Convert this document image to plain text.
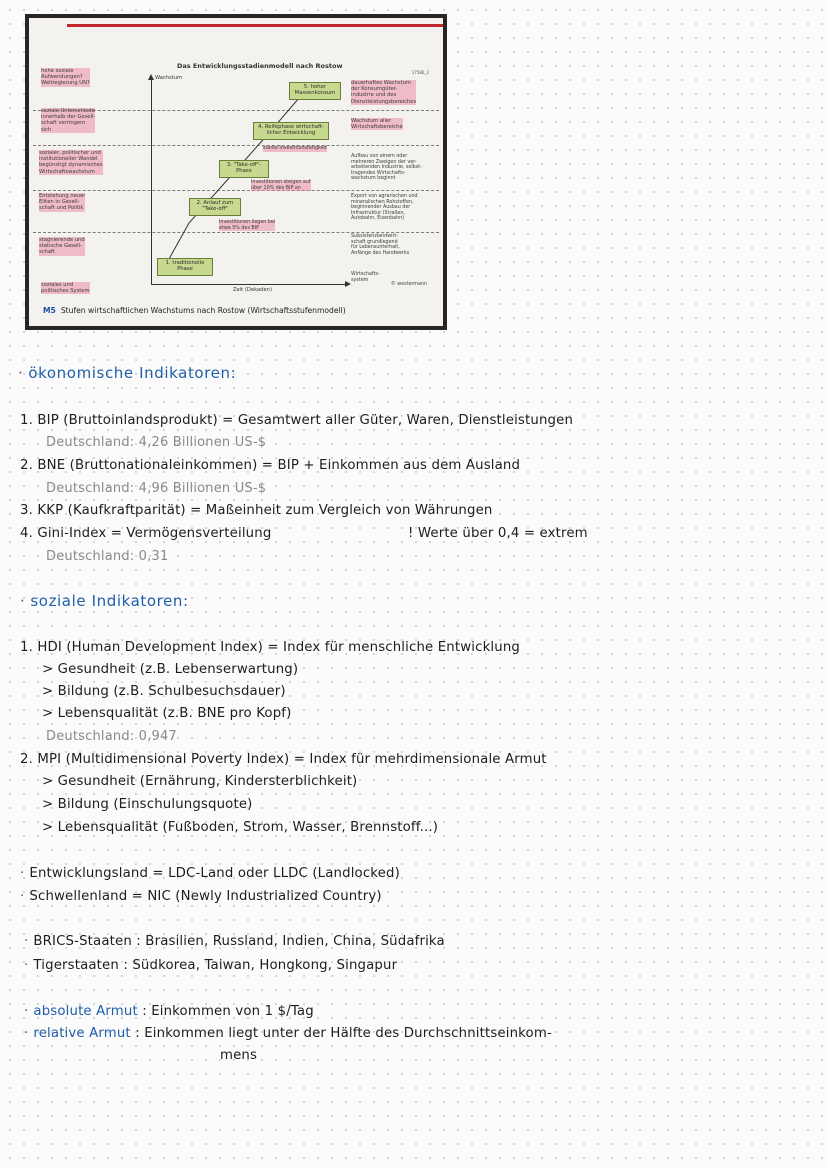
Das Entwicklungsstadienmodell nach Rostow
17586_2
hohe soziale
Aufwendungen?
Weltregierung UN?
soziale Unterschiede
innerhalb der Gesell-
schaft verringern
sich
sozialer, politischer und
institutioneller Wandel
begünstigt dynamisches
Wirtschaftswachstum
Entstehung neuer
Eliten in Gesell-
schaft und Politik
stagnierende und
statische Gesell-
schaft
soziales und
politisches System
Wachstum
Zeit (Dekaden)
1. traditionelle
Phase
2. Anlauf zum
"Take-off"
3. "Take-off"-
Phase
4. Reifephase wirtschaft-
licher Entwicklung
5. hoher
Massenkonsum
Investitionen liegen bei
etwa 5% des BIP
Investitionen steigen auf
über 10% des BIP an
starke Investitionstätigkeit
dauerhaftes Wachstum
der Konsumgüter-
industrie und des
Dienstleistungsbereiches
Wachstum aller
Wirtschaftsbereiche
Aufbau von einem oder
mehreren Zweigen der ver-
arbeitenden Industrie, selbst-
tragendes Wirtschafts-
wachstum beginnt
Export von agrarischen und
mineralischen Rohstoffen,
beginnender Ausbau der
Infrastruktur (Straßen,
Autobahn, Eisenbahn)
Subsistenzlandwirt-
schaft grundlegend
für Lebensunterhalt,
Anfänge des Handwerks
Wirtschafts-
system
© westermann
M5 Stufen wirtschaftlichen Wachstums nach Rostow (Wirtschaftsstufenmodell)
· ökonomische Indikatoren:
1. BIP (Bruttoinlandsprodukt) = Gesamtwert aller Güter, Waren, Dienstleistungen
Deutschland: 4,26 Billionen US-$
2. BNE (Bruttonationaleinkommen) = BIP + Einkommen aus dem Ausland
Deutschland: 4,96 Billionen US-$
3. KKP (Kaufkraftparität) = Maßeinheit zum Vergleich von Währungen
4. Gini-Index = Vermögensverteilung	! Werte über 0,4 = extrem
Deutschland: 0,31
· soziale Indikatoren:
1. HDI (Human Development Index) = Index für menschliche Entwicklung
> Gesundheit (z.B. Lebenserwartung)
> Bildung (z.B. Schulbesuchsdauer)
> Lebensqualität (z.B. BNE pro Kopf)
Deutschland: 0,947
2. MPI (Multidimensional Poverty Index) = Index für mehrdimensionale Armut
> Gesundheit (Ernährung, Kindersterblichkeit)
> Bildung (Einschulungsquote)
> Lebensqualität (Fußboden, Strom, Wasser, Brennstoff...)
· Entwicklungsland = LDC-Land oder LLDC (Landlocked)
· Schwellenland = NIC (Newly Industrialized Country)
· BRICS-Staaten : Brasilien, Russland, Indien, China, Südafrika
· Tigerstaaten : Südkorea, Taiwan, Hongkong, Singapur
· absolute Armut : Einkommen von 1 $/Tag
· relative Armut : Einkommen liegt unter der Hälfte des Durchschnittseinkom-
mens
